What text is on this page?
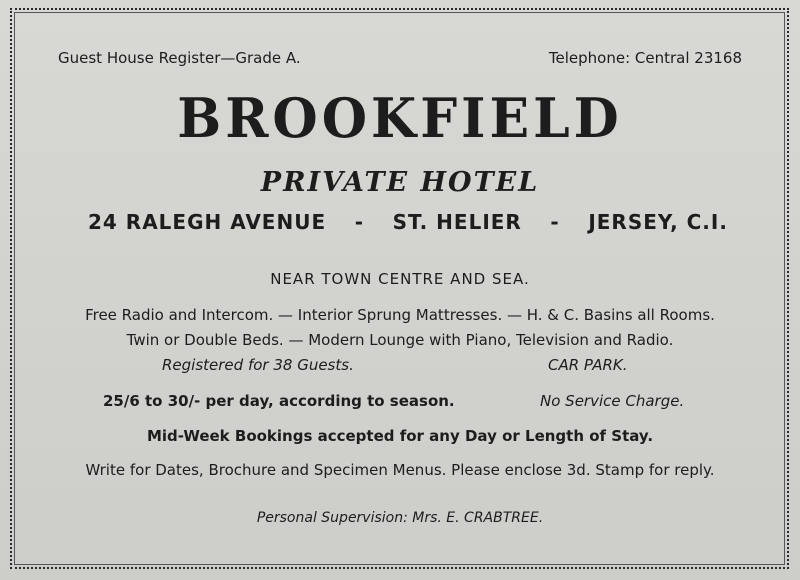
Guest House Register—Grade A.	Telephone: Central 23168
BROOKFIELD
PRIVATE HOTEL
24 RALEGH AVENUE - ST. HELIER - JERSEY, C.I.
NEAR TOWN CENTRE AND SEA.
Free Radio and Intercom. — Interior Sprung Mattresses. — H. & C. Basins all Rooms.
Twin or Double Beds. — Modern Lounge with Piano, Television and Radio.
Registered for 38 Guests.	CAR PARK.
25/6 to 30/- per day, according to season.	No Service Charge.
Mid-Week Bookings accepted for any Day or Length of Stay.
Write for Dates, Brochure and Specimen Menus. Please enclose 3d. Stamp for reply.
Personal Supervision: Mrs. E. CRABTREE.
